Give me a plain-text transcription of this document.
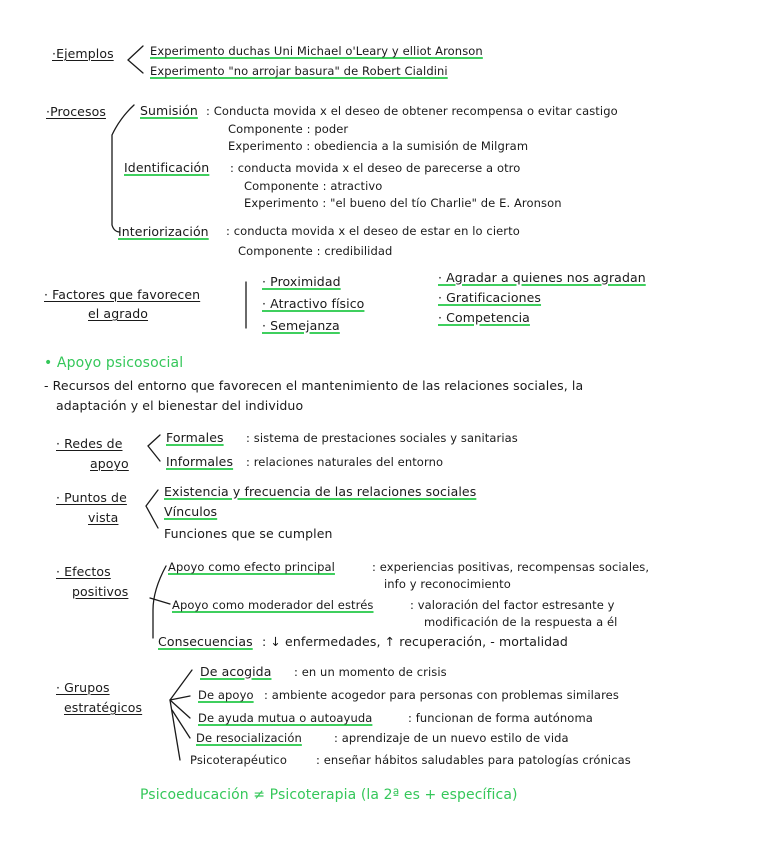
·Ejemplos	Experimento duchas Uni Michael o'Leary y elliot Aronson
Experimento "no arrojar basura" de Robert Cialdini
·Procesos	Sumisión : Conducta movida x el deseo de obtener recompensa o evitar castigo
Componente : poder
Experimento : obediencia a la sumisión de Milgram
Identificación : conducta movida x el deseo de parecerse a otro
Componente : atractivo
Experimento : "el bueno del tío Charlie" de E. Aronson
Interiorización : conducta movida x el deseo de estar en lo cierto
Componente : credibilidad
· Factores que favorecen
el agrado
· Proximidad
· Atractivo físico
· Semejanza
· Agradar a quienes nos agradan
· Gratificaciones
· Competencia
• Apoyo psicosocial
- Recursos del entorno que favorecen el mantenimiento de las relaciones sociales, la
adaptación y el bienestar del individuo
· Redes de
apoyo
Formales : sistema de prestaciones sociales y sanitarias
Informales : relaciones naturales del entorno
· Puntos de
vista
Existencia y frecuencia de las relaciones sociales
Vínculos
Funciones que se cumplen
· Efectos
positivos
Apoyo como efecto principal	: experiencias positivas, recompensas sociales,
info y reconocimiento
Apoyo como moderador del estrés	: valoración del factor estresante y
modificación de la respuesta a él
Consecuencias : ↓ enfermedades, ↑ recuperación, - mortalidad
· Grupos
estratégicos
De acogida : en un momento de crisis
De apoyo : ambiente acogedor para personas con problemas similares
De ayuda mutua o autoayuda	: funcionan de forma autónoma
De resocialización	: aprendizaje de un nuevo estilo de vida
Psicoterapéutico	: enseñar hábitos saludables para patologías crónicas
Psicoeducación ≠ Psicoterapia (la 2ª es + específica)
